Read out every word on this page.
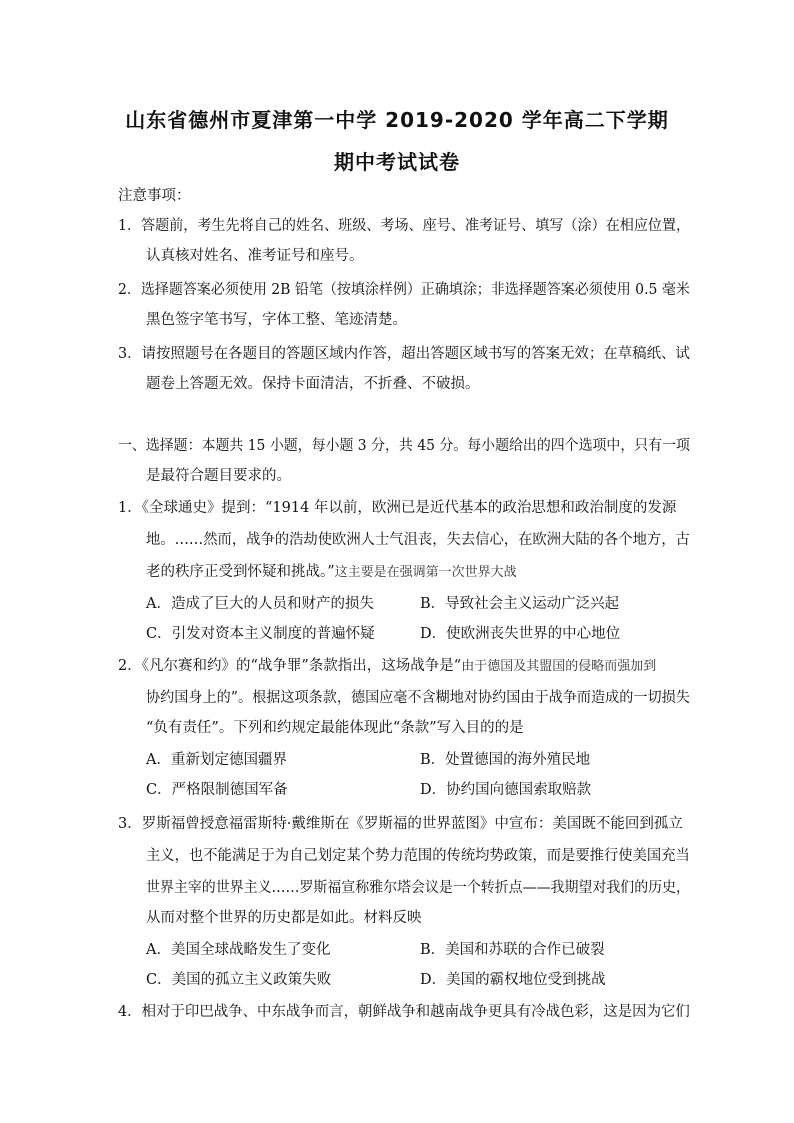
山东省德州市夏津第一中学 2019-2020 学年高二下学期
期中考试试卷
注意事项：
1．答题前，考生先将自己的姓名、班级、考场、座号、准考证号、填写（涂）在相应位置，
认真核对姓名、准考证号和座号。
2．选择题答案必须使用 2B 铅笔（按填涂样例）正确填涂；非选择题答案必须使用 0.5 毫米
黑色签字笔书写，字体工整、笔迹清楚。
3．请按照题号在各题目的答题区域内作答，超出答题区域书写的答案无效；在草稿纸、试
题卷上答题无效。保持卡面清洁，不折叠、不破损。
一、选择题：本题共 15 小题，每小题 3 分，共 45 分。每小题给出的四个选项中，只有一项
是最符合题目要求的。
1．《全球通史》提到：“1914 年以前，欧洲已是近代基本的政治思想和政治制度的发源
地。……然而，战争的浩劫使欧洲人士气沮丧，失去信心，在欧洲大陆的各个地方，古
老的秩序正受到怀疑和挑战。”这主要是在强调第一次世界大战
A．造成了巨大的人员和财产的损失	B．导致社会主义运动广泛兴起
C．引发对资本主义制度的普遍怀疑	D．使欧洲丧失世界的中心地位
2．《凡尔赛和约》的“战争罪”条款指出，这场战争是“由于德国及其盟国的侵略而强加到
协约国身上的”。根据这项条款，德国应毫不含糊地对协约国由于战争而造成的一切损失
“负有责任”。下列和约规定最能体现此“条款”写入目的的是
A．重新划定德国疆界	B．处置德国的海外殖民地
C．严格限制德国军备	D．协约国向德国索取赔款
3．罗斯福曾授意福雷斯特·戴维斯在《罗斯福的世界蓝图》中宣布：美国既不能回到孤立
主义，也不能满足于为自己划定某个势力范围的传统均势政策，而是要推行使美国充当
世界主宰的世界主义……罗斯福宣称雅尔塔会议是一个转折点——我期望对我们的历史，
从而对整个世界的历史都是如此。材料反映
A．美国全球战略发生了变化	B．美国和苏联的合作已破裂
C．美国的孤立主义政策失败	D．美国的霸权地位受到挑战
4．相对于印巴战争、中东战争而言，朝鲜战争和越南战争更具有冷战色彩，这是因为它们
